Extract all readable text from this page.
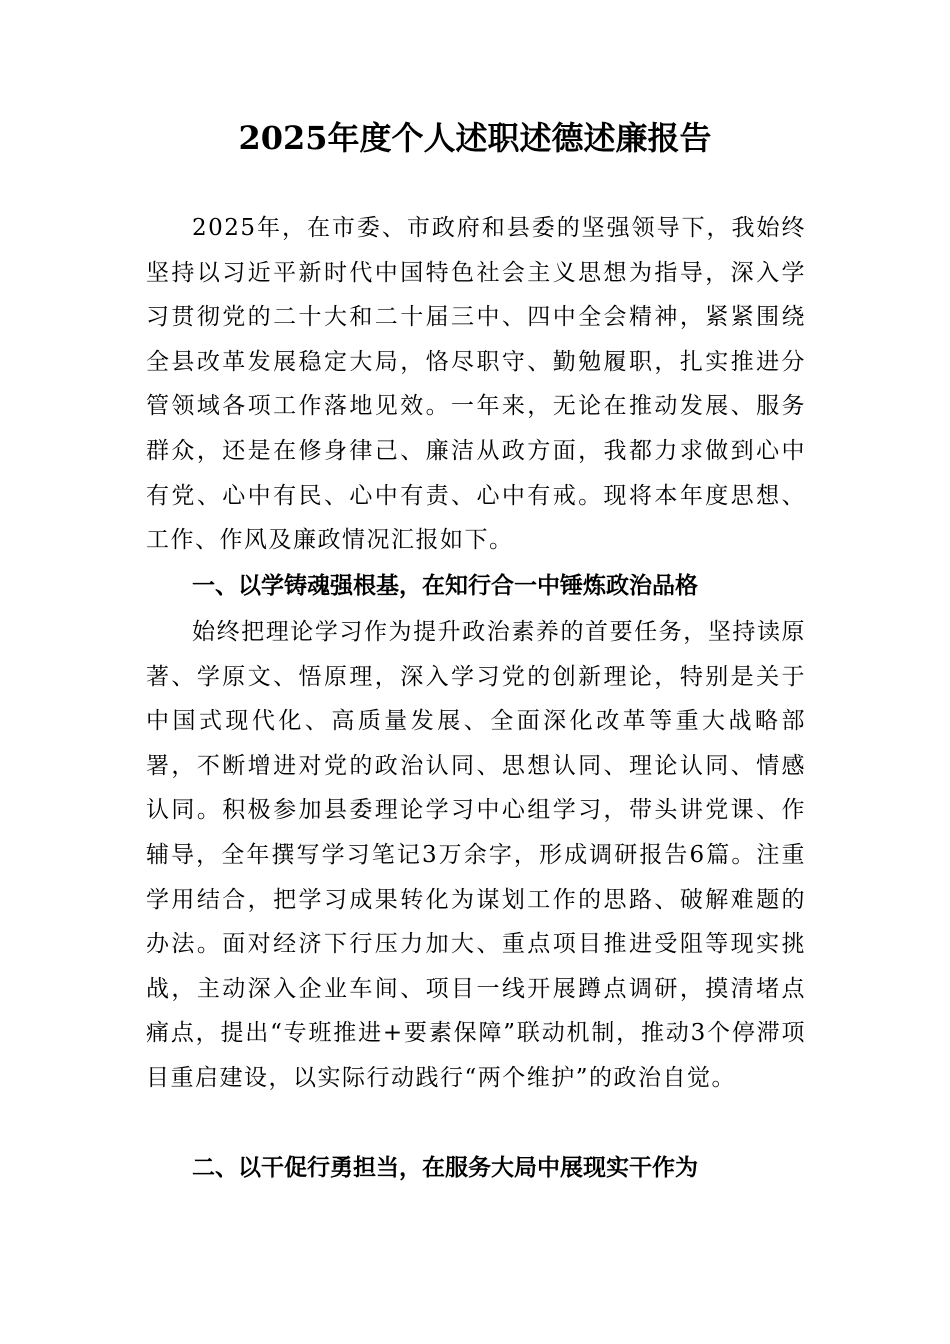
2025年度个人述职述德述廉报告

2025年，在市委、市政府和县委的坚强领导下，我始终坚持以习近平新时代中国特色社会主义思想为指导，深入学习贯彻党的二十大和二十届三中、四中全会精神，紧紧围绕全县改革发展稳定大局，恪尽职守、勤勉履职，扎实推进分管领域各项工作落地见效。一年来，无论在推动发展、服务群众，还是在修身律己、廉洁从政方面，我都力求做到心中有党、心中有民、心中有责、心中有戒。现将本年度思想、工作、作风及廉政情况汇报如下。

一、以学铸魂强根基，在知行合一中锤炼政治品格

始终把理论学习作为提升政治素养的首要任务，坚持读原著、学原文、悟原理，深入学习党的创新理论，特别是关于中国式现代化、高质量发展、全面深化改革等重大战略部署，不断增进对党的政治认同、思想认同、理论认同、情感认同。积极参加县委理论学习中心组学习，带头讲党课、作辅导，全年撰写学习笔记3万余字，形成调研报告6篇。注重学用结合，把学习成果转化为谋划工作的思路、破解难题的办法。面对经济下行压力加大、重点项目推进受阻等现实挑战，主动深入企业车间、项目一线开展蹲点调研，摸清堵点痛点，提出“专班推进+要素保障”联动机制，推动3个停滞项目重启建设，以实际行动践行“两个维护”的政治自觉。

二、以干促行勇担当，在服务大局中展现实干作为
